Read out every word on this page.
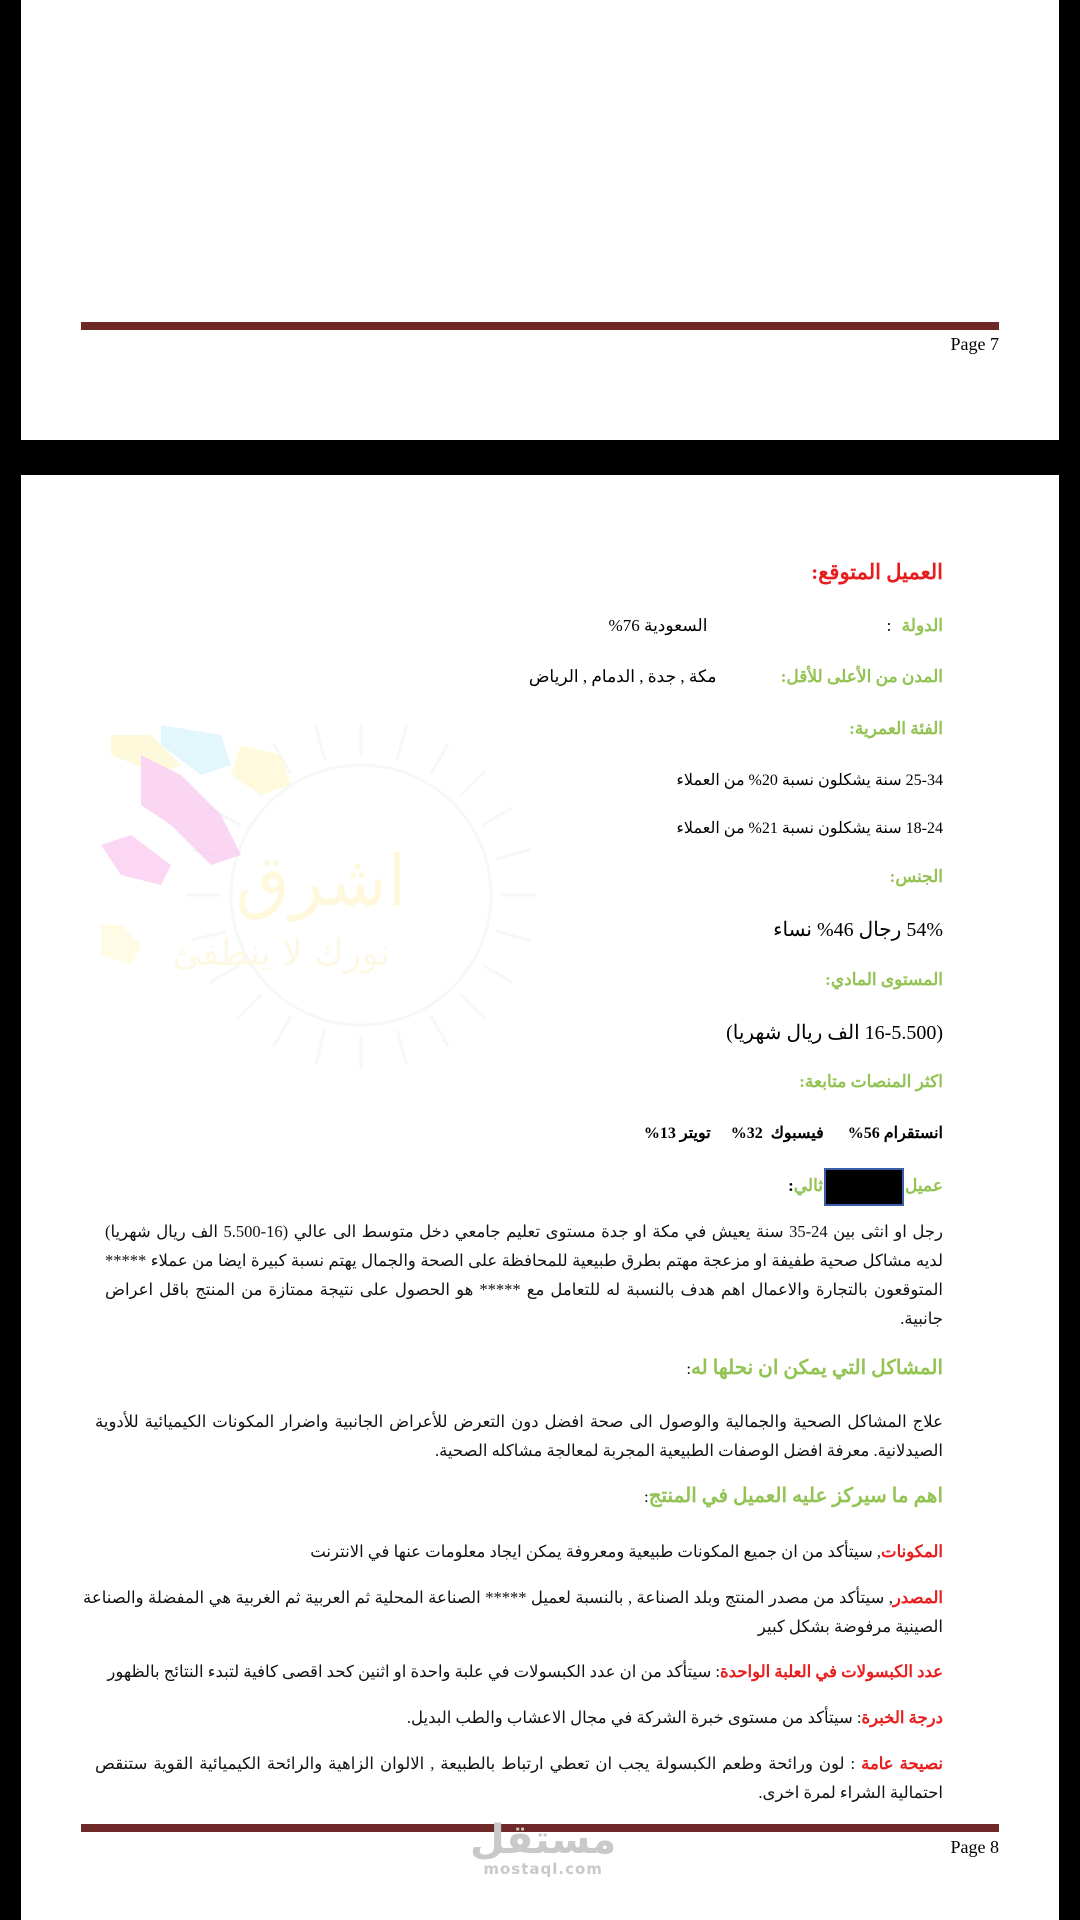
Page 7
اشرق
نورك لا ينطفئ
العميل المتوقع:
الدولة : السعودية 76%
المدن من الأعلى للأقل: مكة , جدة , الدمام , الرياض
الفئة العمرية:
25-34 سنة يشكلون نسبة 20% من العملاء
18-24 سنة يشكلون نسبة 21% من العملاء
الجنس:
54% رجال 46% نساء
المستوى المادي:
(16-5.500 الف ريال شهريا)
اكثر المنصات متابعة:
انستقرام 56%      فيسبوك  32%     تويتر 13%
عميلثالي:
رجل او انثى بين 24-35 سنة يعيش في مكة او جدة مستوى تعليم جامعي دخل متوسط الى عالي (16-5.500 الف ريال شهريا) لديه مشاكل صحية طفيفة او مزعجة مهتم بطرق طبيعية للمحافظة على الصحة والجمال يهتم نسبة كبيرة ايضا من عملاء ***** المتوقعون بالتجارة والاعمال اهم هدف بالنسبة له للتعامل مع ***** هو الحصول على نتيجة ممتازة من المنتج باقل اعراض جانبية.
المشاكل التي يمكن ان نحلها له:
علاج المشاكل الصحية والجمالية والوصول الى صحة افضل دون التعرض للأعراض الجانبية واضرار المكونات الكيميائية للأدوية الصيدلانية. معرفة افضل الوصفات الطبيعية المجربة لمعالجة مشاكله الصحية.
اهم ما سيركز عليه العميل في المنتج:
المكونات, سيتأكد من ان جميع المكونات طبيعية ومعروفة يمكن ايجاد معلومات عنها في الانترنت
المصدر, سيتأكد من مصدر المنتج وبلد الصناعة , بالنسبة لعميل ***** الصناعة المحلية ثم العربية ثم الغربية هي المفضلة والصناعة الصينية مرفوضة بشكل كبير
عدد الكبسولات في العلبة الواحدة: سيتأكد من ان عدد الكبسولات في علبة واحدة او اثنين كحد اقصى كافية لتبدء النتائج بالظهور
درجة الخبرة: سيتأكد من مستوى خبرة الشركة في مجال الاعشاب والطب البديل.
نصيحة عامة : لون ورائحة وطعم الكبسولة يجب ان تعطي ارتباط بالطبيعة , الالوان الزاهية والرائحة الكيميائية القوية ستنقص احتمالية الشراء لمرة اخرى.
Page 8
مستقل
mostaql.com
